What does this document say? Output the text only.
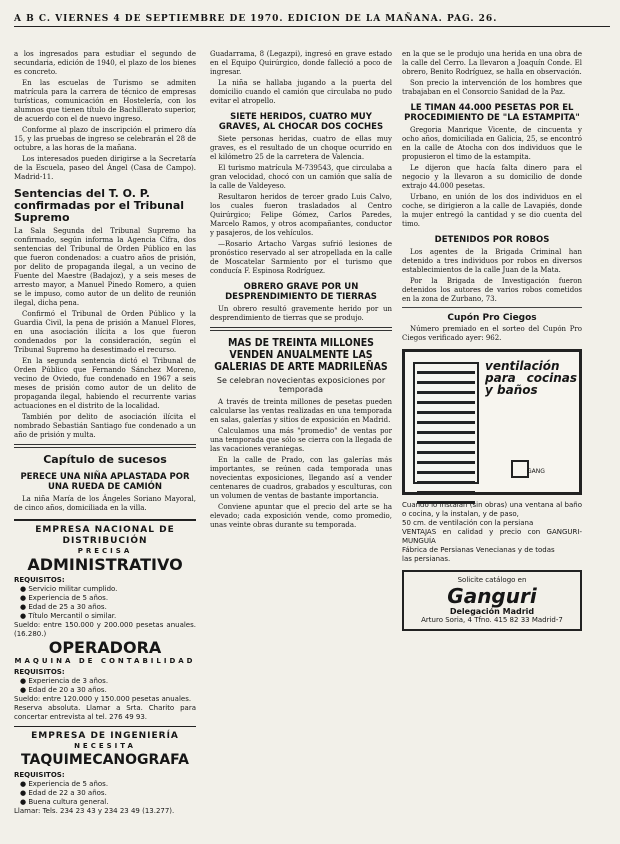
A B C. VIERNES 4 DE SEPTIEMBRE DE 1970. EDICION DE LA MAÑANA. PAG. 26.

a los ingresados para estudiar el segundo de secundaria, edición de 1940, el plazo de los bienes es concreto.

En las escuelas de Turismo se admiten matrícula para la carrera de técnico de empresas turísticas, comunicación en Hostelería, con los alumnos que tienen título de Bachillerato superior, de acuerdo con el de nuevo ingreso.

Conforme al plazo de inscripción el primero día 15, y las pruebas de ingreso se celebrarán el 28 de octubre, a las horas de la mañana.

Los interesados pueden dirigirse a la Secretaría de la Escuela, paseo del Ángel (Casa de Campo). Madrid-11.

Sentencias del T. O. P. confirmadas por el Tribunal Supremo

La Sala Segunda del Tribunal Supremo ha confirmado, según informa la Agencia Cifra, dos sentencias del Tribunal de Orden Público en las que fueron condenados: a cuatro años de prisión, por delito de propaganda ilegal, a un vecino de Fuente del Maestre (Badajoz), y a seis meses de arresto mayor, a Manuel Pinedo Romero, a quien se le impuso, como autor de un delito de reunión ilegal, dicha pena.

Confirmó el Tribunal de Orden Público y la Guardia Civil, la pena de prisión a Manuel Flores, en una asociación ilícita a los que fueron condenados por la consideración, según el Tribunal Supremo ha desestimado el recurso.

En la segunda sentencia dictó el Tribunal de Orden Público que Fernando Sánchez Moreno, vecino de Oviedo, fue condenado en 1967 a seis meses de prisión como autor de un delito de propaganda ilegal, habiendo el recurrente varias actuaciones en el distrito de la localidad.

También por delito de asociación ilícita el nombrado Sebastián Santiago fue condenado a un año de prisión y multa.

Capítulo de sucesos
PERECE UNA NIÑA APLASTADA POR UNA RUEDA DE CAMIÓN

La niña María de los Ángeles Soriano Mayoral, de cinco años, domiciliada en la villa.

EMPRESA NACIONAL DE DISTRIBUCIÓN
PRECISA
ADMINISTRATIVO
REQUISITOS:
● Servicio militar cumplido.
● Experiencia de 5 años.
● Edad de 25 a 30 años.
● Título Mercantil o similar.
Sueldo: entre 150.000 y 200.000 pesetas anuales. (16.280.)
OPERADORA
MAQUINA DE CONTABILIDAD
REQUISITOS:
● Experiencia de 3 años.
● Edad de 20 a 30 años.
Sueldo: entre 120.000 y 150.000 pesetas anuales.
Reserva absoluta. Llamar a Srta. Charito para concertar entrevista al tel. 276 49 93.
EMPRESA DE INGENIERÍA
NECESITA
TAQUIMECANOGRAFA
REQUISITOS:
● Experiencia de 5 años.
● Edad de 22 a 30 años.
● Buena cultura general.
Llamar: Tels. 234 23 43 y 234 23 49 (13.277).

Guadarrama, 8 (Legazpi), ingresó en grave estado en el Equipo Quirúrgico, donde falleció a poco de ingresar.

La niña se hallaba jugando a la puerta del domicilio cuando el camión que circulaba no pudo evitar el atropello.

SIETE HERIDOS, CUATRO MUY GRAVES, AL CHOCAR DOS COCHES

Siete personas heridas, cuatro de ellas muy graves, es el resultado de un choque ocurrido en el kilómetro 25 de la carretera de Valencia.

El turismo matrícula M-739543, que circulaba a gran velocidad, chocó con un camión que salía de la calle de Valdeyeso.

Resultaron heridos de tercer grado Luis Calvo, los cuales fueron trasladados al Centro Quirúrgico; Felipe Gómez, Carlos Paredes, Marcelo Ramos, y otros acompañantes, conductor y pasajeros, de los vehículos.

—Rosario Artacho Vargas sufrió lesiones de pronóstico reservado al ser atropellada en la calle de Moscatelar Sarmiento por el turismo que conducía F. Espinosa Rodríguez.

OBRERO GRAVE POR UN DESPRENDIMIENTO DE TIERRAS

Un obrero resultó gravemente herido por un desprendimiento de tierras que se produjo.

MAS DE TREINTA MILLONES VENDEN ANUALMENTE LAS GALERIAS DE ARTE MADRILEÑAS
Se celebran novecientas exposiciones por temporada

A través de treinta millones de pesetas pueden calcularse las ventas realizadas en una temporada en salas, galerías y sitios de exposición en Madrid.

Calculamos una más "promedio" de ventas por una temporada que sólo se cierra con la llegada de las vacaciones veraniegas.

En la calle de Prado, con las galerías más importantes, se reúnen cada temporada unas novecientas exposiciones, llegando así a vender centenares de cuadros, grabados y esculturas, con un volumen de ventas de bastante importancia.

Conviene apuntar que el precio del arte se ha elevado; cada exposición vende, como promedio, unas veinte obras durante su temporada.

en la que se le produjo una herida en una obra de la calle del Cerro. La llevaron a Joaquín Conde. El obrero, Benito Rodríguez, se halla en observación.

Son precio la intervención de los hombres que trabajaban en el Consorcio Sanidad de la Paz.

LE TIMAN 44.000 PESETAS POR EL PROCEDIMIENTO DE "LA ESTAMPITA"

Gregoria Manrique Vicente, de cincuenta y ocho años, domiciliada en Galicia, 25, se encontró en la calle de Atocha con dos individuos que le propusieron el timo de la estampita.

Le dijeron que hacía falta dinero para el negocio y la llevaron a su domicilio de donde extrajo 44.000 pesetas.

Urbano, en unión de los dos individuos en el coche, se dirigieron a la calle de Lavapiés, donde la mujer entregó la cantidad y se dio cuenta del timo.

DETENIDOS POR ROBOS

Los agentes de la Brigada Criminal han detenido a tres individuos por robos en diversos establecimientos de la calle Juan de la Mata.

Por la Brigada de Investigación fueron detenidos los autores de varios robos cometidos en la zona de Zurbano, 73.

Cupón Pro Ciegos

Número premiado en el sorteo del Cupón Pro Ciegos verificado ayer: 962.

ventilación para cocinas y baños
GANG

Cuando lo instalan (sin obras) una ventana al baño o cocina, y la instalan, y de paso,

50 cm. de ventilación con la persiana

VENTAJAS en calidad y precio con GANGURI-MUNGUÍA

Fábrica de Persianas Venecianas y de todas

las persianas.

Solicite catálogo en
Ganguri
Delegación Madrid
Arturo Soria, 4 Tfno. 415 82 33 Madrid-7
